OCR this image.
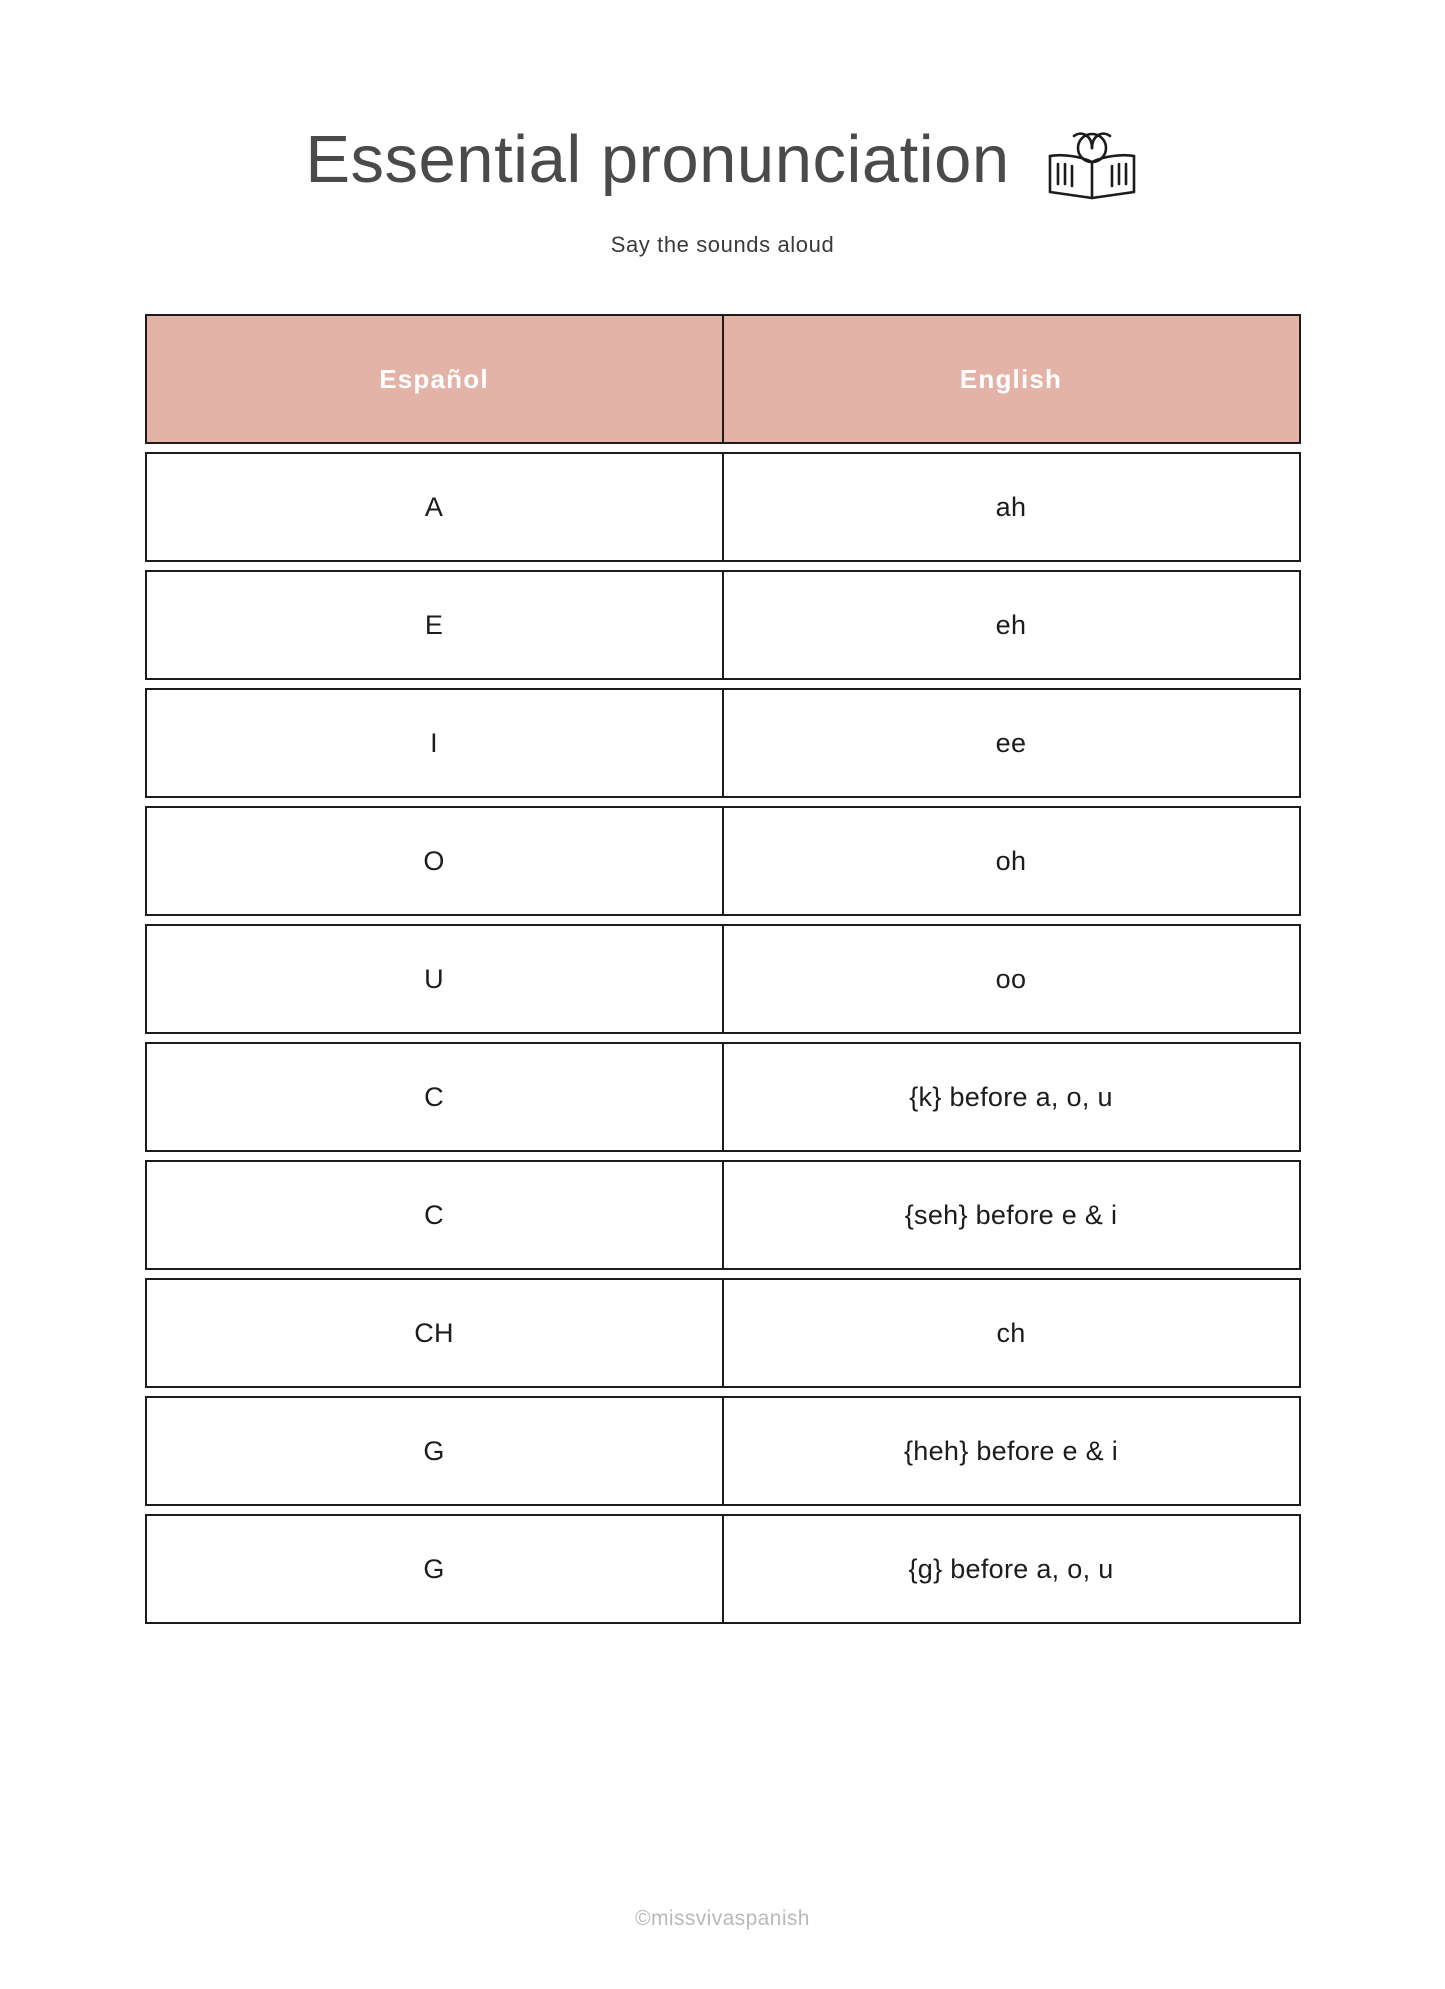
Essential pronunciation
Say the sounds aloud
Español	English
A	ah
E	eh
I	ee
O	oh
U	oo
C	{k} before a, o, u
C	{seh} before e & i
CH	ch
G	{heh} before e & i
G	{g} before a, o, u
©missvivaspanish
